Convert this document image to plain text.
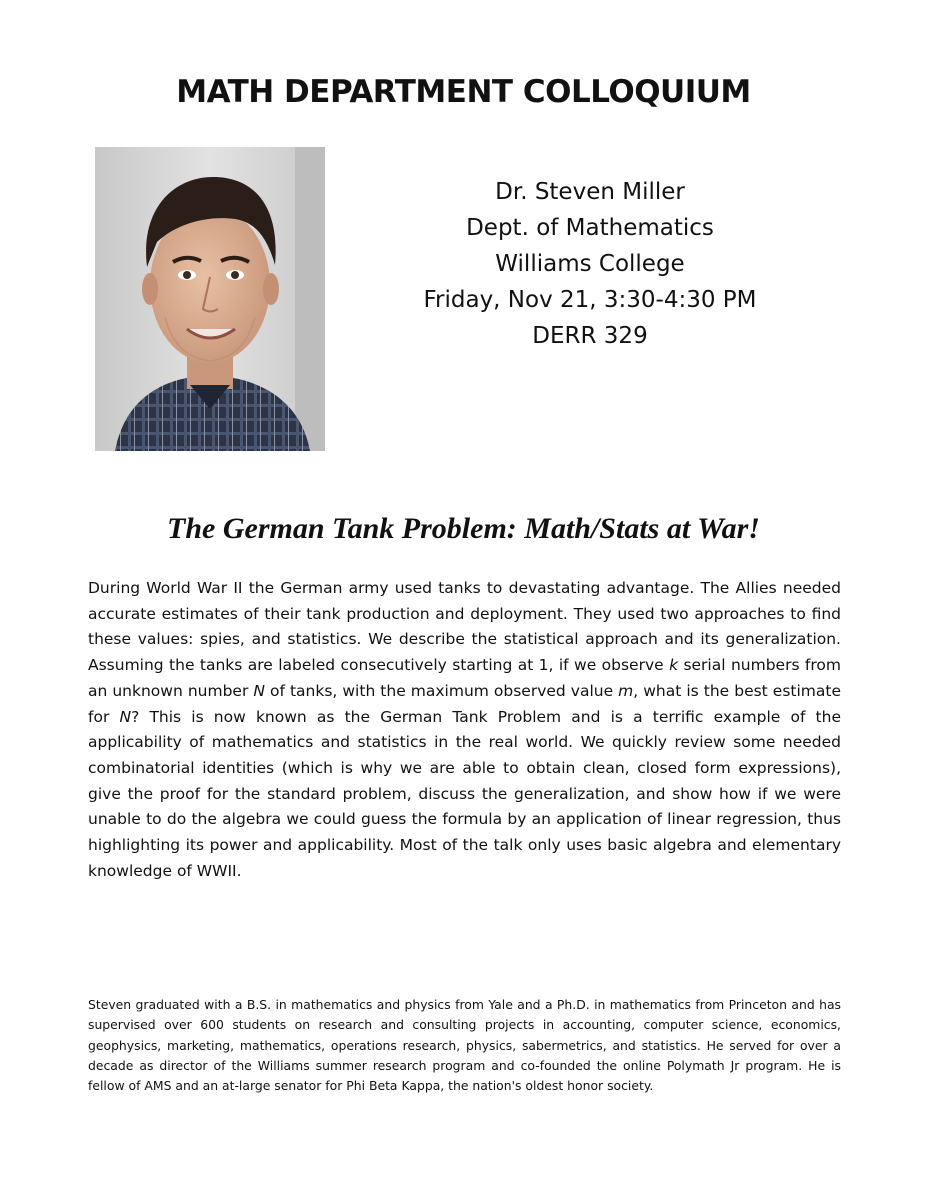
MATH DEPARTMENT COLLOQUIUM
Dr. Steven Miller
Dept. of Mathematics
Williams College
Friday, Nov 21, 3:30-4:30 PM
DERR 329
The German Tank Problem: Math/Stats at War!

During World War II the German army used tanks to devastating advantage. The Allies needed accurate estimates of their tank production and deployment. They used two approaches to find these values: spies, and statistics. We describe the statistical approach and its generalization. Assuming the tanks are labeled consecutively starting at 1, if we observe k serial numbers from an unknown number N of tanks, with the maximum observed value m, what is the best estimate for N? This is now known as the German Tank Problem and is a terrific example of the applicability of mathematics and statistics in the real world. We quickly review some needed combinatorial identities (which is why we are able to obtain clean, closed form expressions), give the proof for the standard problem, discuss the generalization, and show how if we were unable to do the algebra we could guess the formula by an application of linear regression, thus highlighting its power and applicability. Most of the talk only uses basic algebra and elementary knowledge of WWII.

Steven graduated with a B.S. in mathematics and physics from Yale and a Ph.D. in mathematics from Princeton and has supervised over 600 students on research and consulting projects in accounting, computer science, economics, geophysics, marketing, mathematics, operations research, physics, sabermetrics, and statistics. He served for over a decade as director of the Williams summer research program and co-founded the online Polymath Jr program. He is fellow of AMS and an at-large senator for Phi Beta Kappa, the nation's oldest honor society.
